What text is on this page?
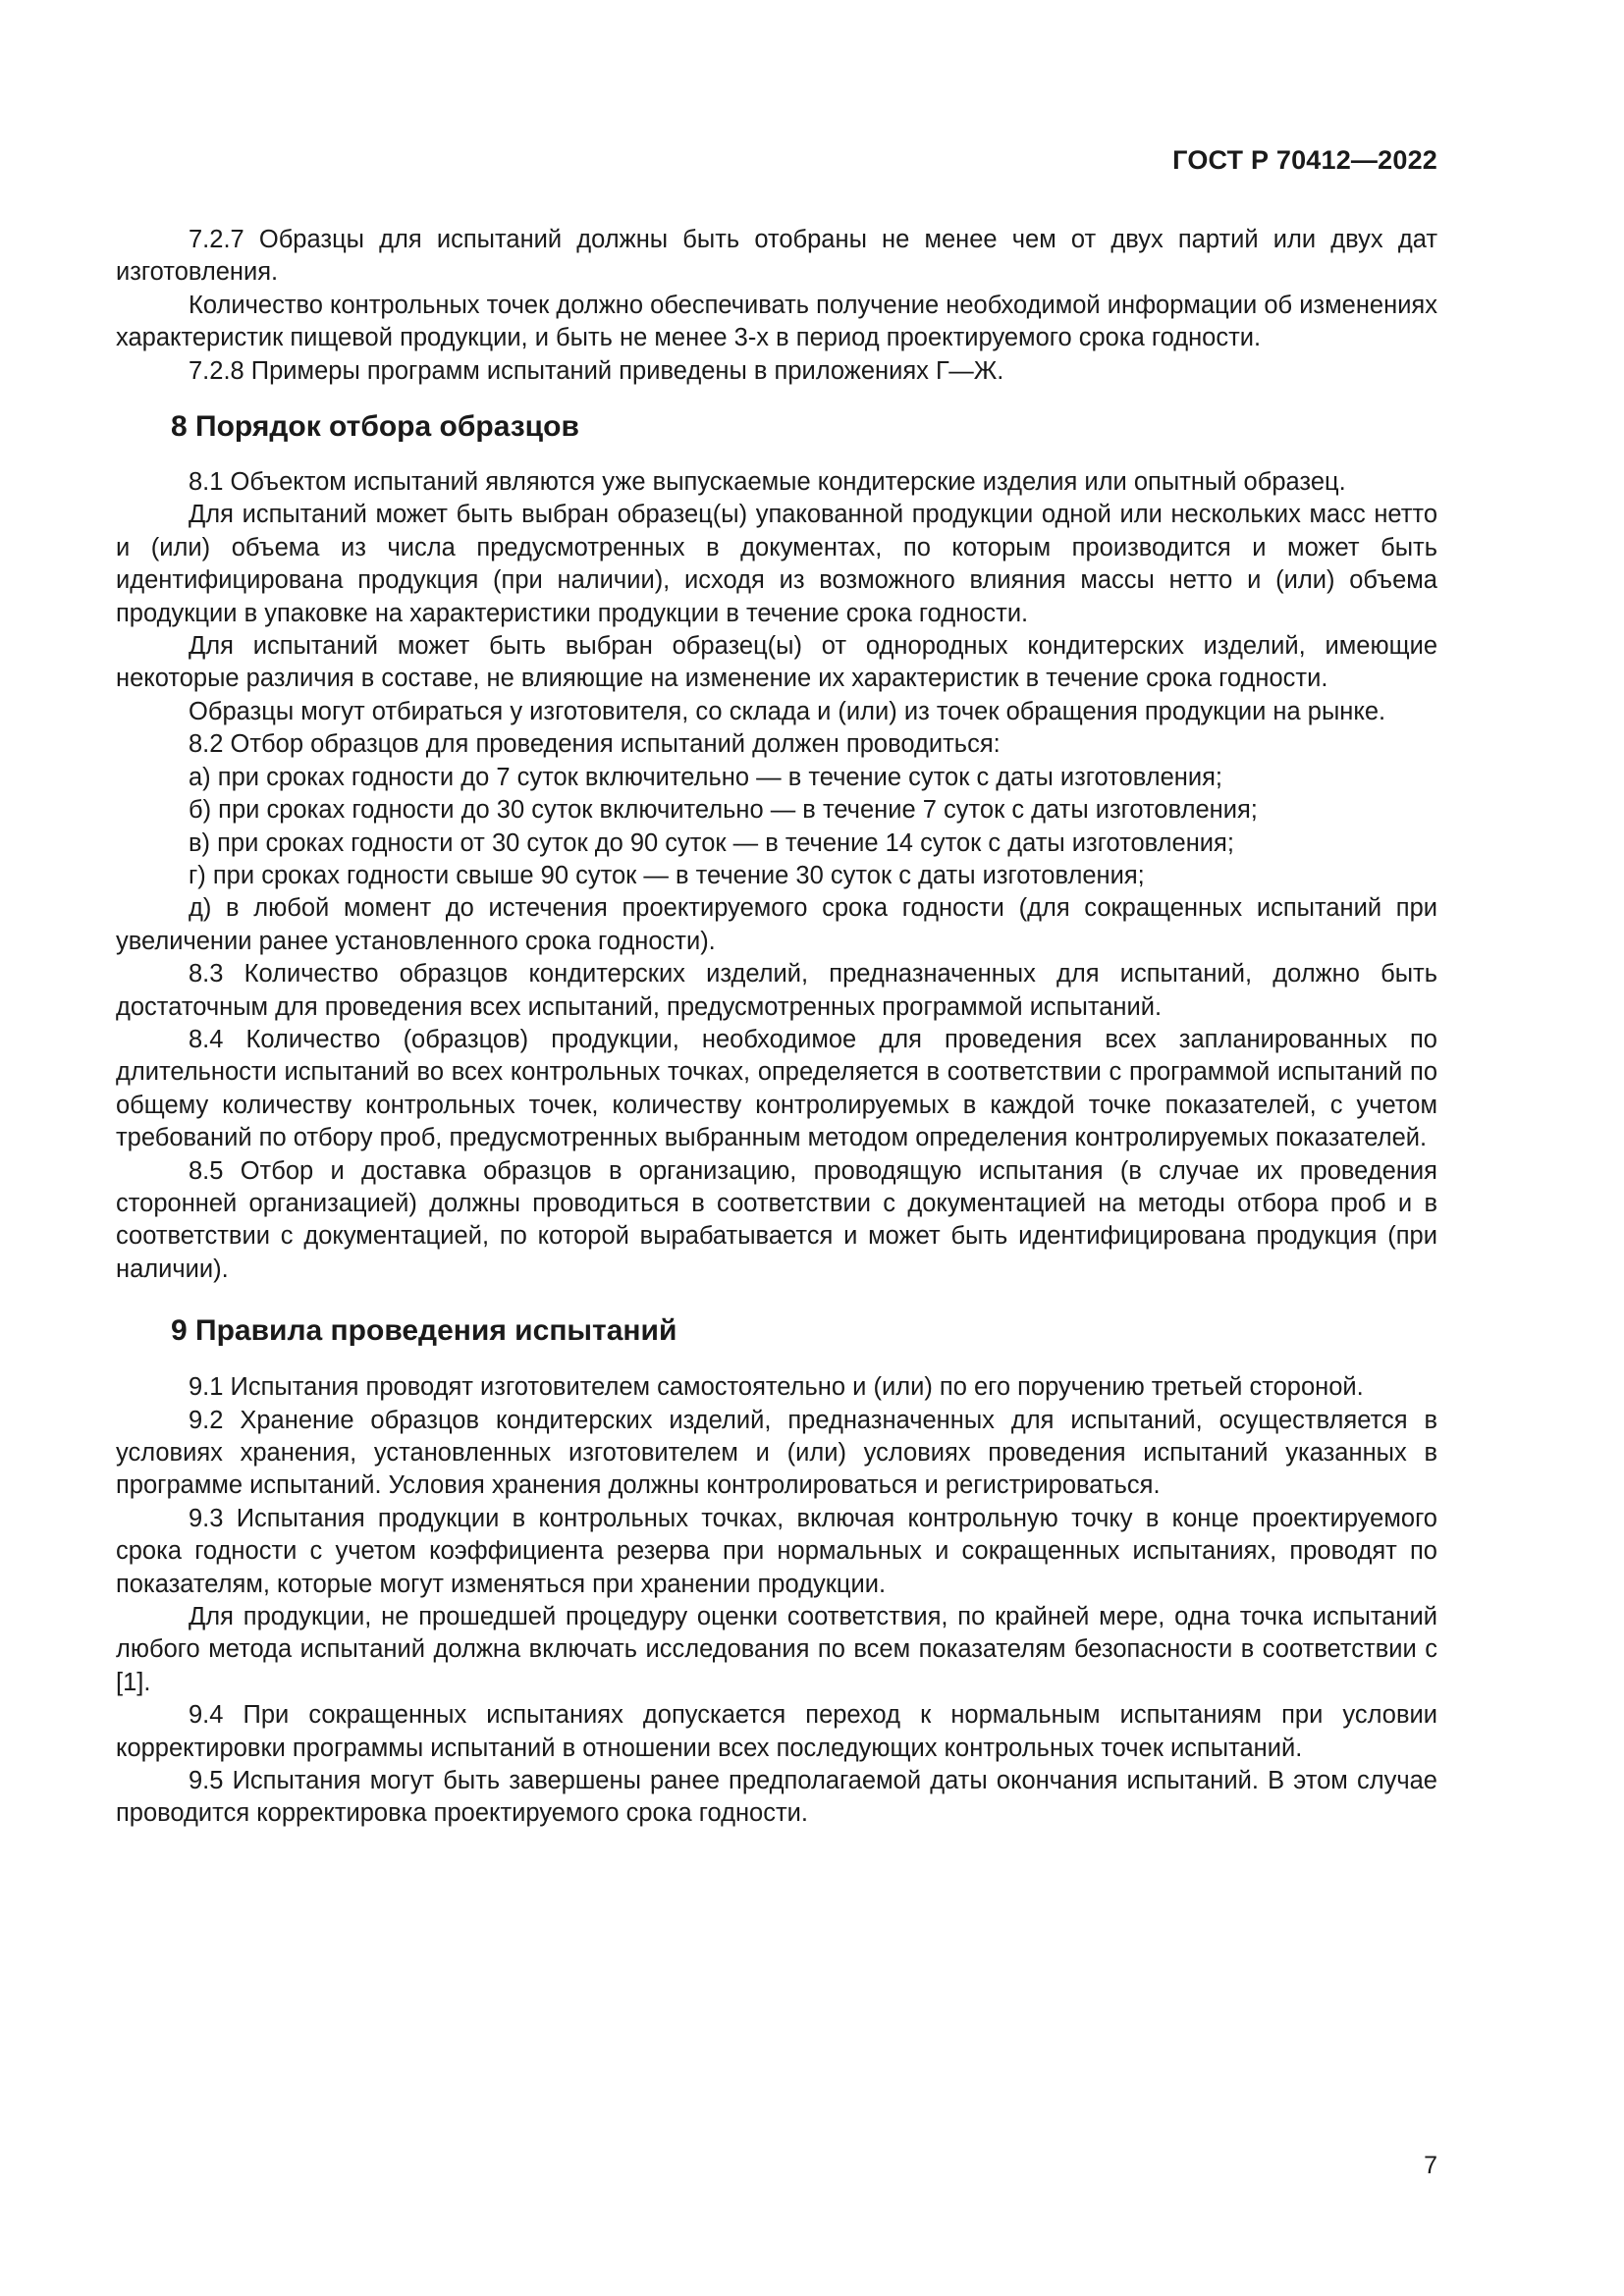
ГОСТ Р 70412—2022

7.2.7 Образцы для испытаний должны быть отобраны не менее чем от двух партий или двух дат изготовления.

Количество контрольных точек должно обеспечивать получение необходимой информации об изменениях характеристик пищевой продукции, и быть не менее 3-х в период проектируемого срока годности.

7.2.8 Примеры программ испытаний приведены в приложениях Г—Ж.

8 Порядок отбора образцов

8.1 Объектом испытаний являются уже выпускаемые кондитерские изделия или опытный образец.

Для испытаний может быть выбран образец(ы) упакованной продукции одной или нескольких масс нетто и (или) объема из числа предусмотренных в документах, по которым производится и может быть идентифицирована продукция (при наличии), исходя из возможного влияния массы нетто и (или) объема продукции в упаковке на характеристики продукции в течение срока годности.

Для испытаний может быть выбран образец(ы) от однородных кондитерских изделий, имеющие некоторые различия в составе, не влияющие на изменение их характеристик в течение срока годности.

Образцы могут отбираться у изготовителя, со склада и (или) из точек обращения продукции на рынке.

8.2 Отбор образцов для проведения испытаний должен проводиться:

а) при сроках годности до 7 суток включительно — в течение суток с даты изготовления;

б) при сроках годности до 30 суток включительно — в течение 7 суток с даты изготовления;

в) при сроках годности от 30 суток до 90 суток — в течение 14 суток с даты изготовления;

г) при сроках годности свыше 90 суток — в течение 30 суток с даты изготовления;

д) в любой момент до истечения проектируемого срока годности (для сокращенных испытаний при увеличении ранее установленного срока годности).

8.3 Количество образцов кондитерских изделий, предназначенных для испытаний, должно быть достаточным для проведения всех испытаний, предусмотренных программой испытаний.

8.4 Количество (образцов) продукции, необходимое для проведения всех запланированных по длительности испытаний во всех контрольных точках, определяется в соответствии с программой испытаний по общему количеству контрольных точек, количеству контролируемых в каждой точке показателей, с учетом требований по отбору проб, предусмотренных выбранным методом определения контролируемых показателей.

8.5 Отбор и доставка образцов в организацию, проводящую испытания (в случае их проведения сторонней организацией) должны проводиться в соответствии с документацией на методы отбора проб и в соответствии с документацией, по которой вырабатывается и может быть идентифицирована продукция (при наличии).

9 Правила проведения испытаний

9.1 Испытания проводят изготовителем самостоятельно и (или) по его поручению третьей стороной.

9.2 Хранение образцов кондитерских изделий, предназначенных для испытаний, осуществляется в условиях хранения, установленных изготовителем и (или) условиях проведения испытаний указанных в программе испытаний. Условия хранения должны контролироваться и регистрироваться.

9.3 Испытания продукции в контрольных точках, включая контрольную точку в конце проектируемого срока годности с учетом коэффициента резерва при нормальных и сокращенных испытаниях, проводят по показателям, которые могут изменяться при хранении продукции.

Для продукции, не прошедшей процедуру оценки соответствия, по крайней мере, одна точка испытаний любого метода испытаний должна включать исследования по всем показателям безопасности в соответствии с [1].

9.4 При сокращенных испытаниях допускается переход к нормальным испытаниям при условии корректировки программы испытаний в отношении всех последующих контрольных точек испытаний.

9.5 Испытания могут быть завершены ранее предполагаемой даты окончания испытаний. В этом случае проводится корректировка проектируемого срока годности.

7
